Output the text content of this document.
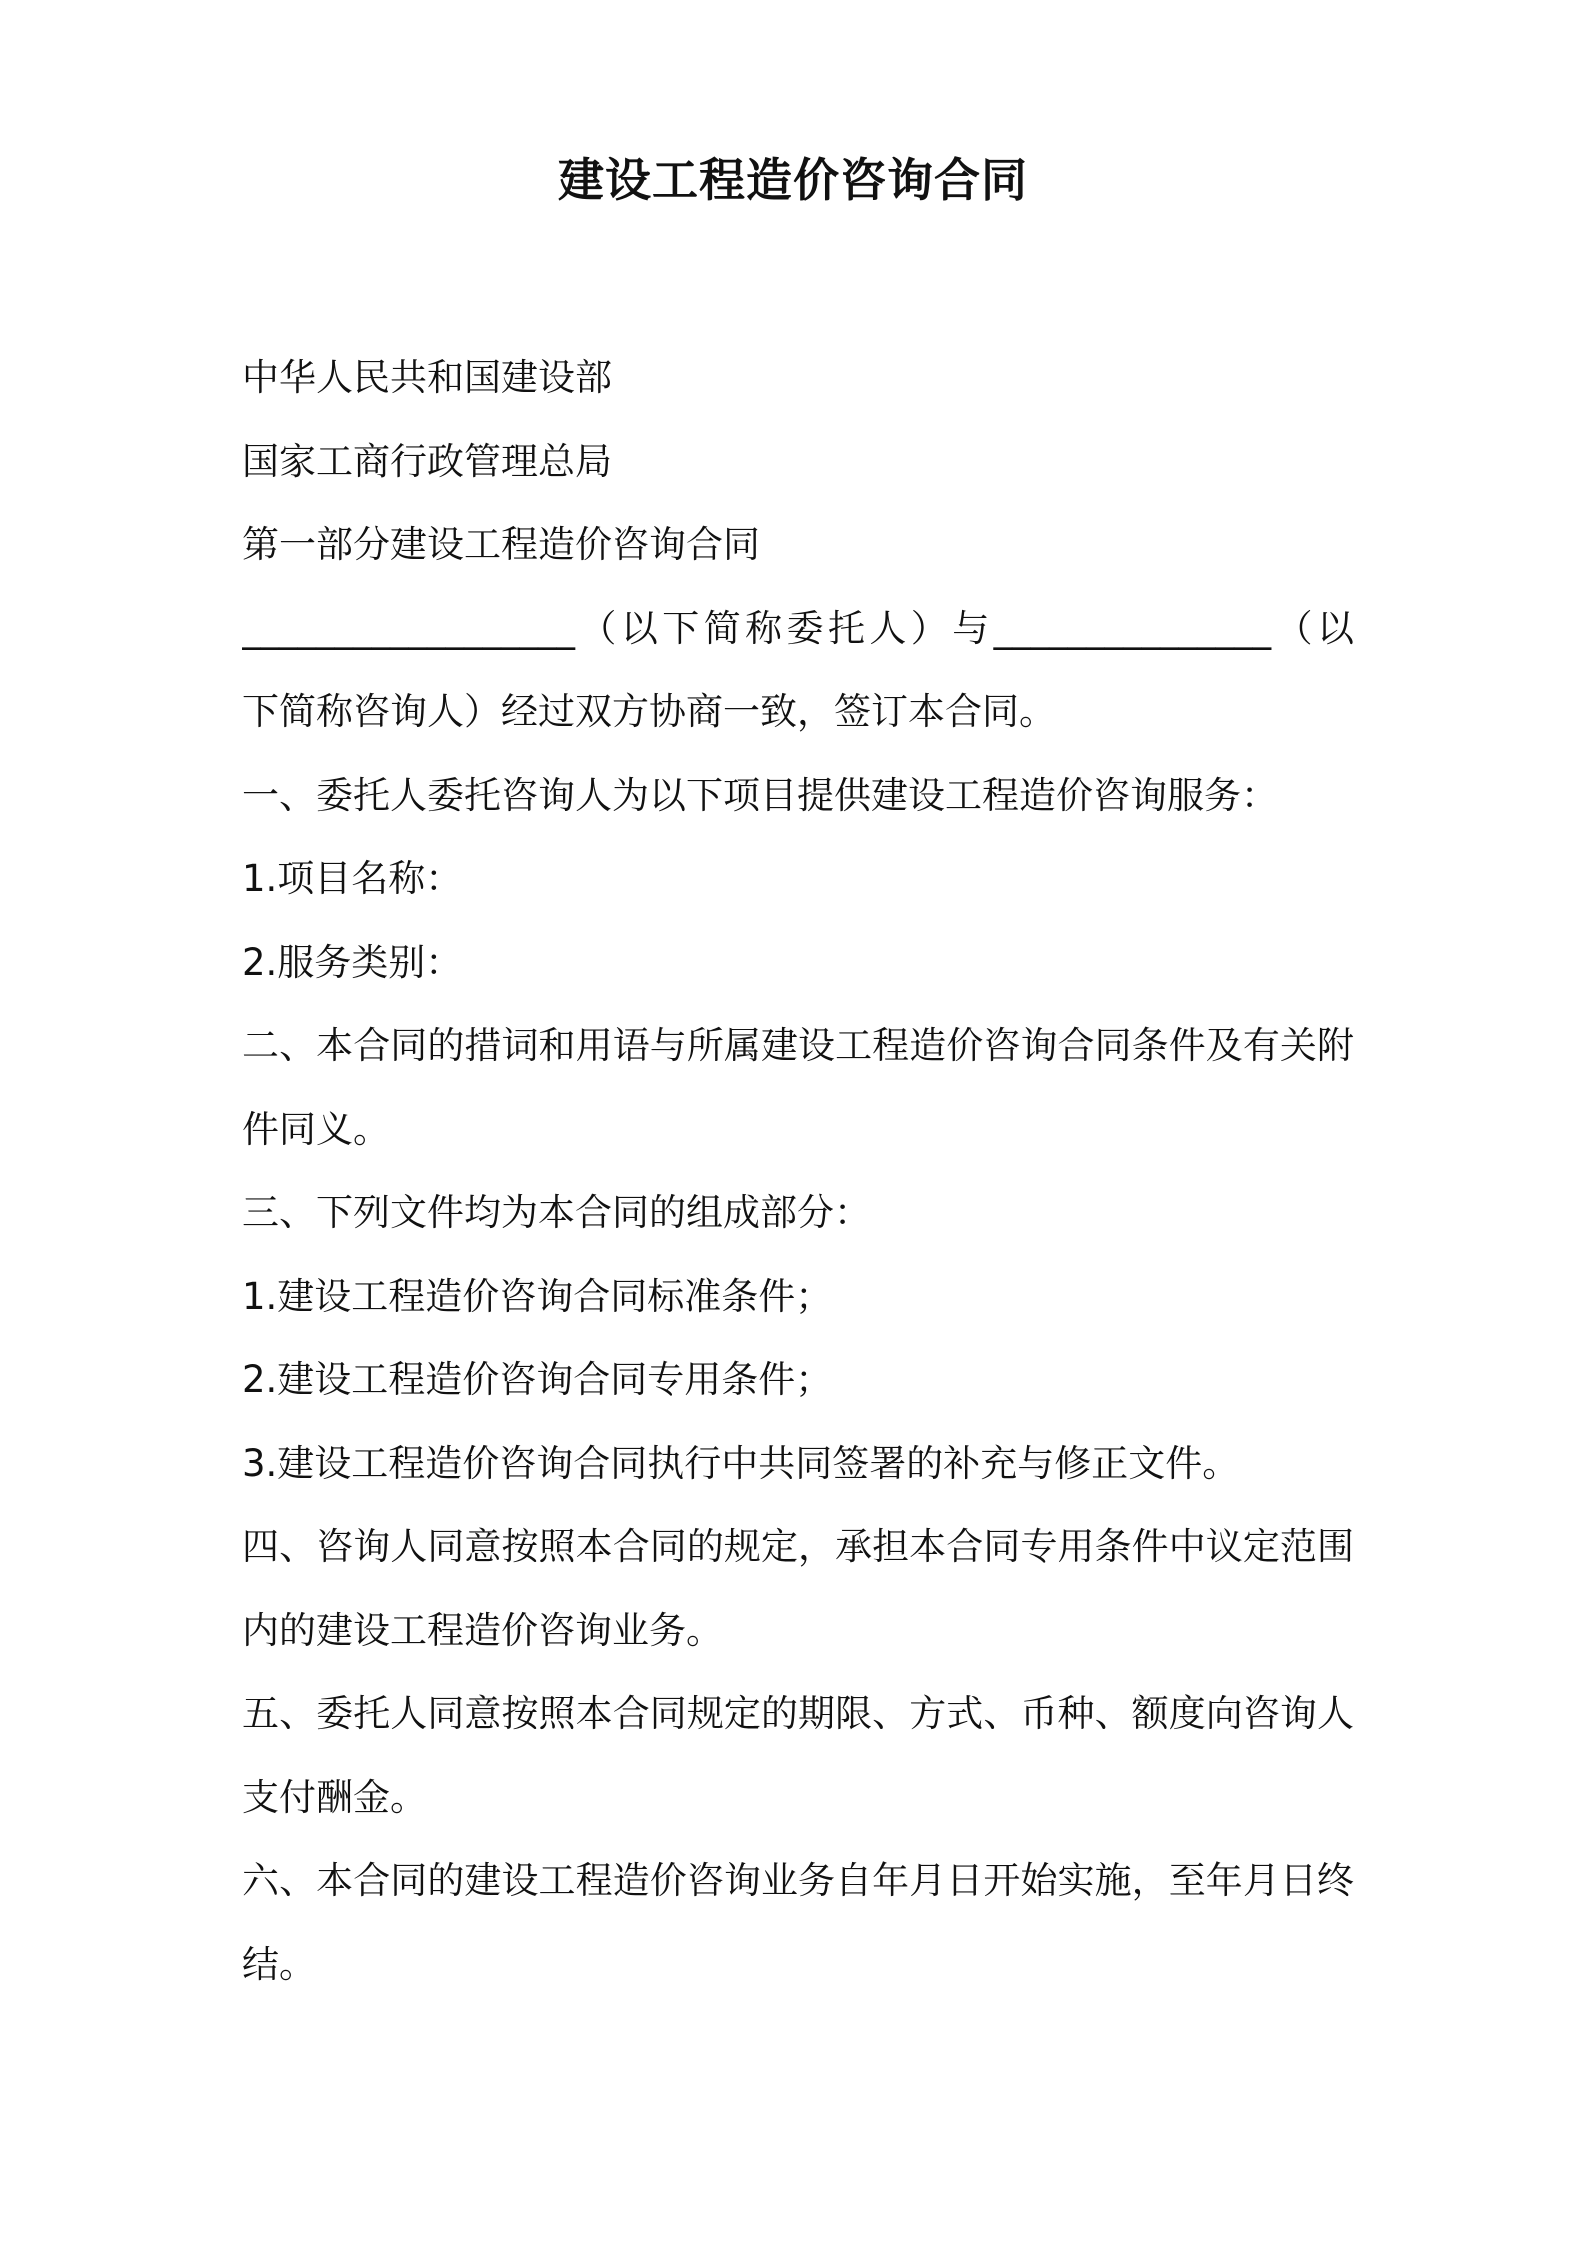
建设工程造价咨询合同
中华人民共和国建设部
国家工商行政管理总局
第一部分建设工程造价咨询合同
__________________（以下简称委托人）与_______________（以
下简称咨询人）经过双方协商一致，签订本合同。
一、委托人委托咨询人为以下项目提供建设工程造价咨询服务：
1.项目名称：
2.服务类别：
二、本合同的措词和用语与所属建设工程造价咨询合同条件及有关附
件同义。
三、下列文件均为本合同的组成部分：
1.建设工程造价咨询合同标准条件；
2.建设工程造价咨询合同专用条件；
3.建设工程造价咨询合同执行中共同签署的补充与修正文件。
四、咨询人同意按照本合同的规定，承担本合同专用条件中议定范围
内的建设工程造价咨询业务。
五、委托人同意按照本合同规定的期限、方式、币种、额度向咨询人
支付酬金。
六、本合同的建设工程造价咨询业务自年月日开始实施，至年月日终
结。
